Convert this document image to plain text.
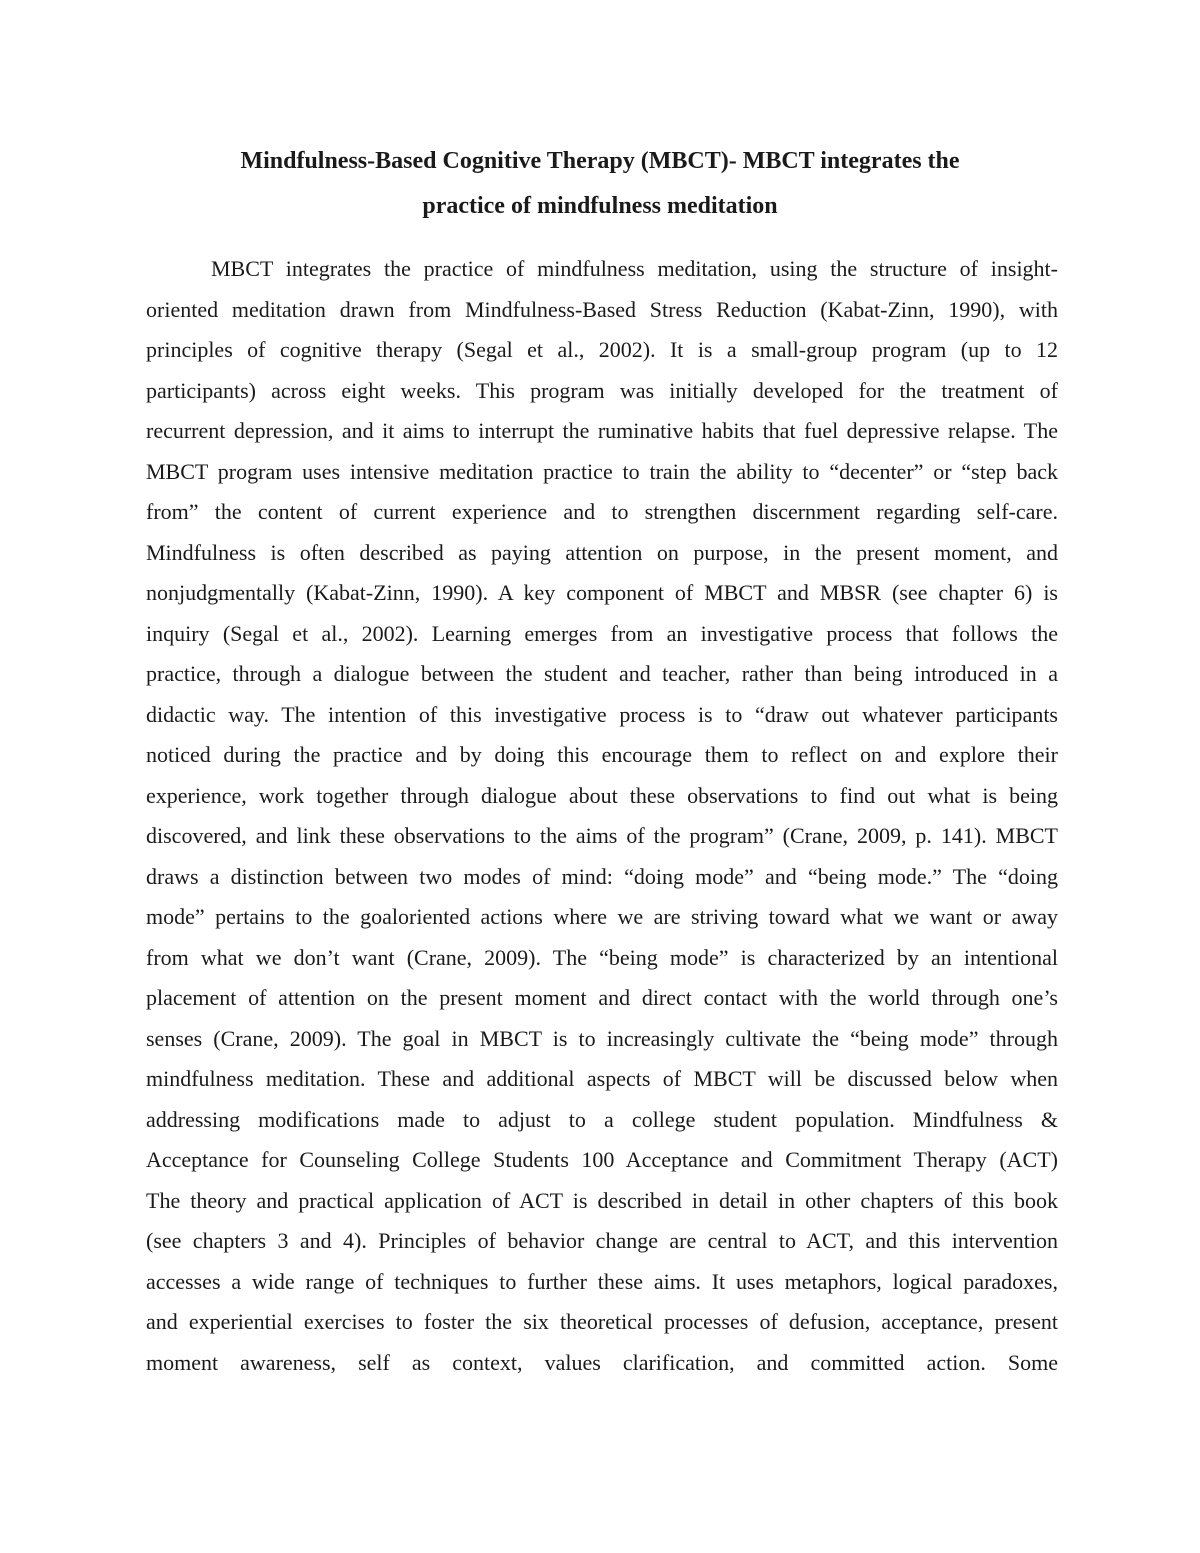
Mindfulness-Based Cognitive Therapy (MBCT)- MBCT integrates the
practice of mindfulness meditation
MBCT integrates the practice of mindfulness meditation, using the structure of insight-
oriented meditation drawn from Mindfulness-Based Stress Reduction (Kabat-Zinn, 1990), with
principles of cognitive therapy (Segal et al., 2002). It is a small-group program (up to 12
participants) across eight weeks. This program was initially developed for the treatment of
recurrent depression, and it aims to interrupt the ruminative habits that fuel depressive relapse. The
MBCT program uses intensive meditation practice to train the ability to “decenter” or “step back
from” the content of current experience and to strengthen discernment regarding self-care.
Mindfulness is often described as paying attention on purpose, in the present moment, and
nonjudgmentally (Kabat-Zinn, 1990). A key component of MBCT and MBSR (see chapter 6) is
inquiry (Segal et al., 2002). Learning emerges from an investigative process that follows the
practice, through a dialogue between the student and teacher, rather than being introduced in a
didactic way. The intention of this investigative process is to “draw out whatever participants
noticed during the practice and by doing this encourage them to reflect on and explore their
experience, work together through dialogue about these observations to find out what is being
discovered, and link these observations to the aims of the program” (Crane, 2009, p. 141). MBCT
draws a distinction between two modes of mind: “doing mode” and “being mode.” The “doing
mode” pertains to the goaloriented actions where we are striving toward what we want or away
from what we don’t want (Crane, 2009). The “being mode” is characterized by an intentional
placement of attention on the present moment and direct contact with the world through one’s
senses (Crane, 2009). The goal in MBCT is to increasingly cultivate the “being mode” through
mindfulness meditation. These and additional aspects of MBCT will be discussed below when
addressing modifications made to adjust to a college student population. Mindfulness &
Acceptance for Counseling College Students 100 Acceptance and Commitment Therapy (ACT)
The theory and practical application of ACT is described in detail in other chapters of this book
(see chapters 3 and 4). Principles of behavior change are central to ACT, and this intervention
accesses a wide range of techniques to further these aims. It uses metaphors, logical paradoxes,
and experiential exercises to foster the six theoretical processes of defusion, acceptance, present
moment awareness, self as context, values clarification, and committed action. Some
